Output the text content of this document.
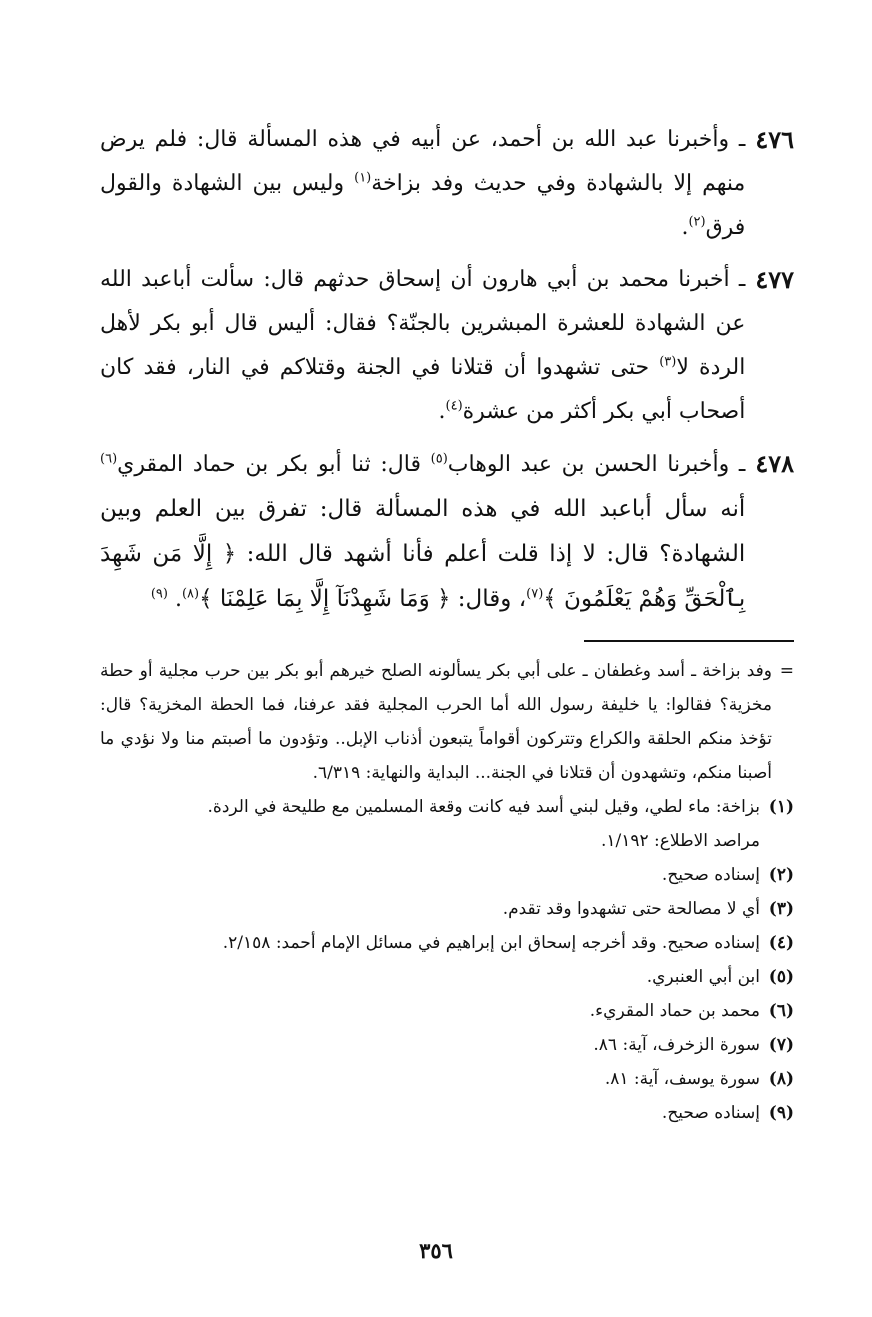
٤٧٦
ـ وأخبرنا عبد الله بن أحمد، عن أبيه في هذه المسألة قال: فلم يرض منهم إلا بالشهادة وفي حديث وفد بزاخة$^{(١)}$ وليس بين الشهادة والقول فرق$^{(٢)}$.
٤٧٧
ـ أخبرنا محمد بن أبي هارون أن إسحاق حدثهم قال: سألت أباعبد الله عن الشهادة للعشرة المبشرين بالجنّة؟ فقال: أليس قال أبو بكر لأهل الردة لا$^{(٣)}$ حتى تشهدوا أن قتلانا في الجنة وقتلاكم في النار، فقد كان أصحاب أبي بكر أكثر من عشرة$^{(٤)}$.
٤٧٨
ـ وأخبرنا الحسن بن عبد الوهاب$^{(٥)}$ قال: ثنا أبو بكر بن حماد المقري$^{(٦)}$ أنه سأل أباعبد الله في هذه المسألة قال: تفرق بين العلم وبين الشهادة؟ قال: لا إذا قلت أعلم فأنا أشهد قال الله: ﴿ إِلَّا مَن شَهِدَ بِٱلْحَقِّ وَهُمْ يَعْلَمُونَ ﴾$^{(٧)}$، وقال: ﴿ وَمَا شَهِدْنَآ إِلَّا بِمَا عَلِمْنَا ﴾$^{(٨)}$. $^{(٩)}$
=
وفد بزاخة ـ أسد وغطفان ـ على أبي بكر يسألونه الصلح خيرهم أبو بكر بين حرب مجلية أو حطة مخزية؟ فقالوا: يا خليفة رسول الله أما الحرب المجلية فقد عرفنا، فما الحطة المخزية؟ قال: تؤخذ منكم الحلقة والكراع وتتركون أقواماً يتبعون أذناب الإبل.. وتؤدون ما أصبتم منا ولا نؤدي ما أصبنا منكم، وتشهدون أن قتلانا في الجنة... البداية والنهاية: ٦/٣١٩.
(١)
بزاخة: ماء لطي، وقيل لبني أسد فيه كانت وقعة المسلمين مع طليحة في الردة.
مراصد الاطلاع: ١/١٩٢.
(٢)
إسناده صحيح.
(٣)
أي لا مصالحة حتى تشهدوا وقد تقدم.
(٤)
إسناده صحيح. وقد أخرجه إسحاق ابن إبراهيم في مسائل الإمام أحمد: ٢/١٥٨.
(٥)
ابن أبي العنبري.
(٦)
محمد بن حماد المقريء.
(٧)
سورة الزخرف، آية: ٨٦.
(٨)
سورة يوسف، آية: ٨١.
(٩)
إسناده صحيح.
٣٥٦
